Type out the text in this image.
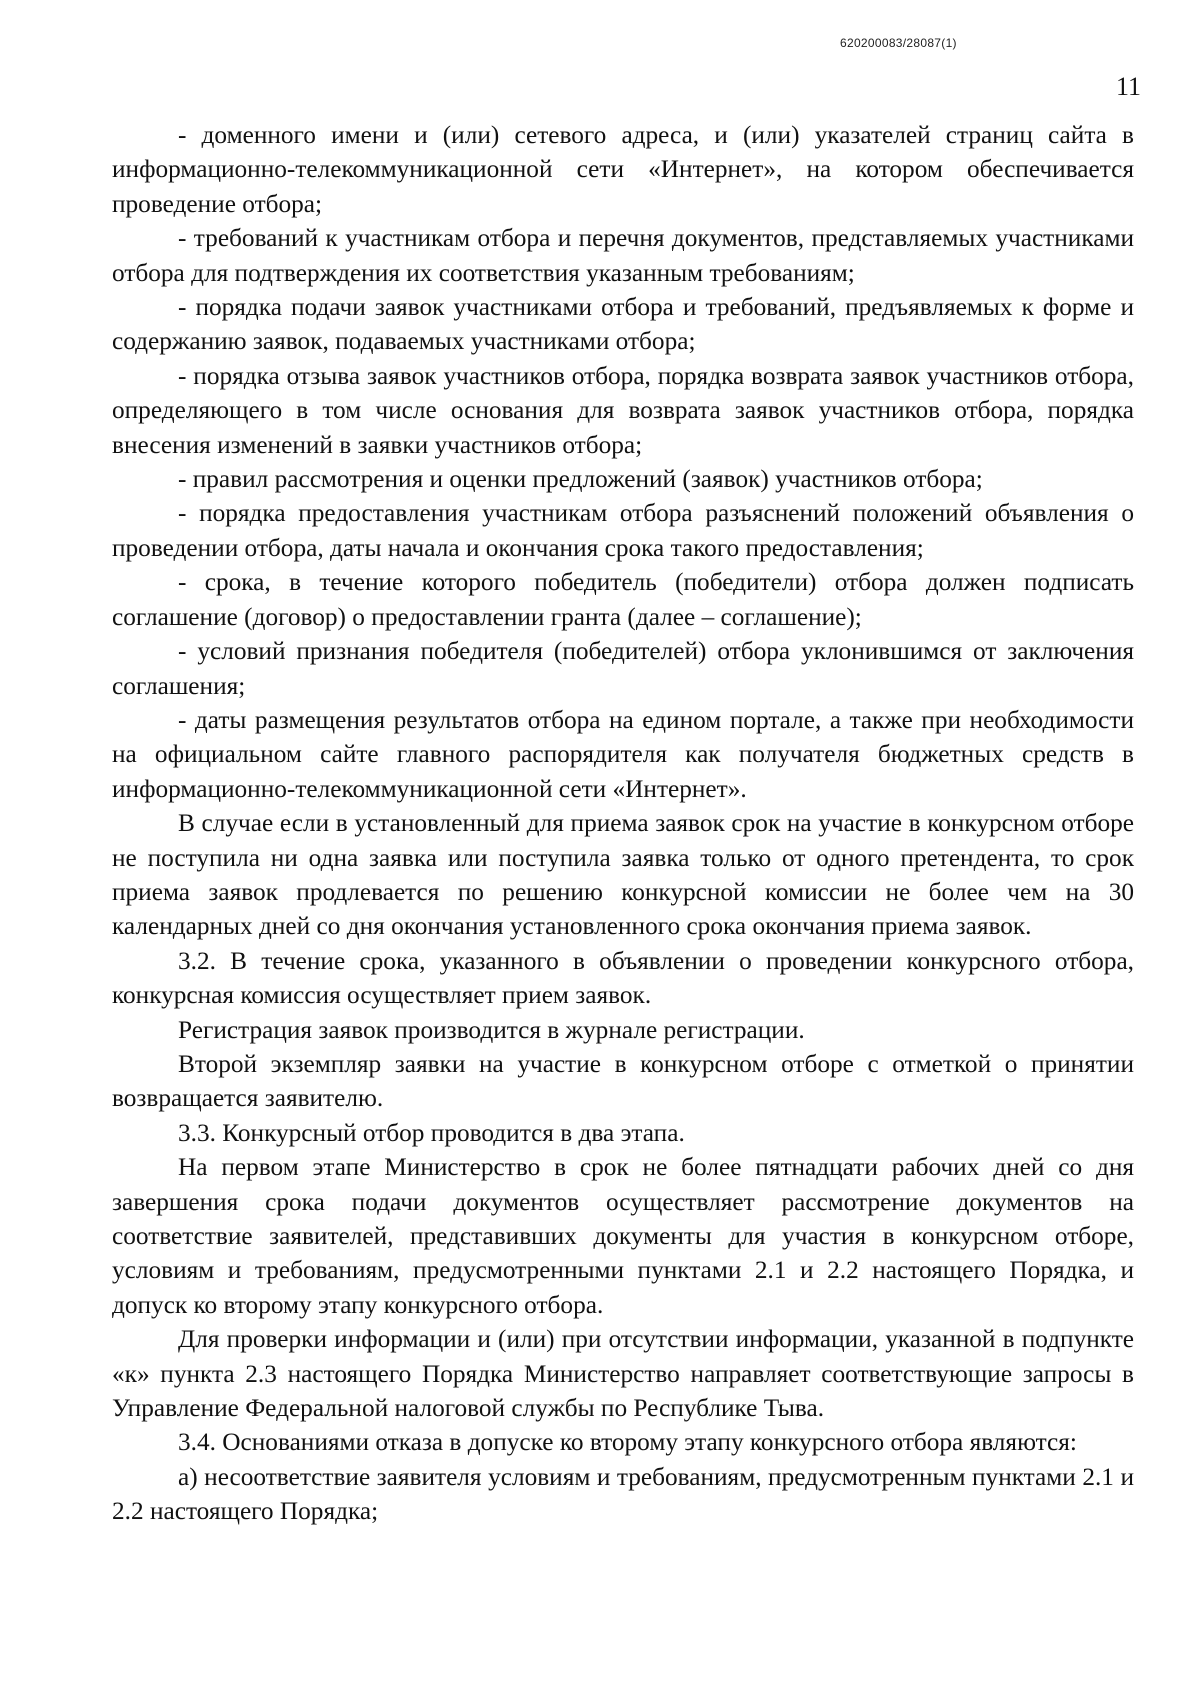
620200083/28087(1)
11

- доменного имени и (или) сетевого адреса, и (или) указателей страниц сайта в информационно-телекоммуникационной сети «Интернет», на котором обеспечивается проведение отбора;

- требований к участникам отбора и перечня документов, представляемых участниками отбора для подтверждения их соответствия указанным требованиям;

- порядка подачи заявок участниками отбора и требований, предъявляемых к форме и содержанию заявок, подаваемых участниками отбора;

- порядка отзыва заявок участников отбора, порядка возврата заявок участников отбора, определяющего в том числе основания для возврата заявок участников отбора, порядка внесения изменений в заявки участников отбора;

- правил рассмотрения и оценки предложений (заявок) участников отбора;

- порядка предоставления участникам отбора разъяснений положений объявления о проведении отбора, даты начала и окончания срока такого предоставления;

- срока, в течение которого победитель (победители) отбора должен подписать соглашение (договор) о предоставлении гранта (далее – соглашение);

- условий признания победителя (победителей) отбора уклонившимся от заключения соглашения;

- даты размещения результатов отбора на едином портале, а также при необходимости на официальном сайте главного распорядителя как получателя бюджетных средств в информационно-телекоммуникационной сети «Интернет».

В случае если в установленный для приема заявок срок на участие в конкурсном отборе не поступила ни одна заявка или поступила заявка только от одного претендента, то срок приема заявок продлевается по решению конкурсной комиссии не более чем на 30 календарных дней со дня окончания установленного срока окончания приема заявок.

3.2. В течение срока, указанного в объявлении о проведении конкурсного отбора, конкурсная комиссия осуществляет прием заявок.

Регистрация заявок производится в журнале регистрации.

Второй экземпляр заявки на участие в конкурсном отборе с отметкой о принятии возвращается заявителю.

3.3. Конкурсный отбор проводится в два этапа.

На первом этапе Министерство в срок не более пятнадцати рабочих дней со дня завершения срока подачи документов осуществляет рассмотрение документов на соответствие заявителей, представивших документы для участия в конкурсном отборе, условиям и требованиям, предусмотренными пунктами 2.1 и 2.2 настоящего Порядка, и допуск ко второму этапу конкурсного отбора.

Для проверки информации и (или) при отсутствии информации, указанной в подпункте «к» пункта 2.3 настоящего Порядка Министерство направляет соответствующие запросы в Управление Федеральной налоговой службы по Республике Тыва.

3.4. Основаниями отказа в допуске ко второму этапу конкурсного отбора являются:

а) несоответствие заявителя условиям и требованиям, предусмотренным пунктами 2.1 и 2.2 настоящего Порядка;
